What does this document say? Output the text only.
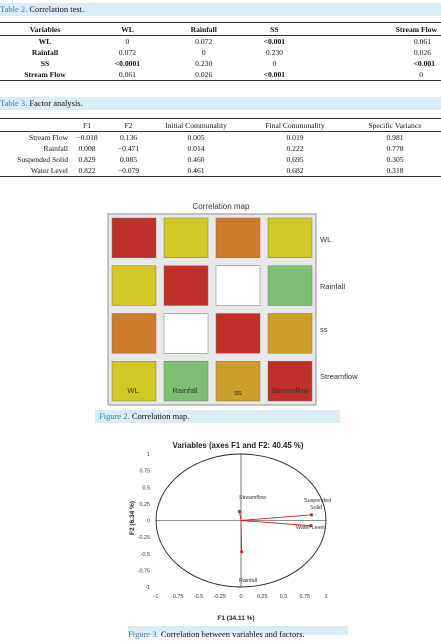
Table 2. Correlation test.
Variables	WL	Rainfall	SS	Stream Flow
WL	0	0.072	<0.001	0.061
Rainfall	0.072	0	0.230	0.026
SS	<0.0001	0.230	0	<0.001
Stream Flow	0.061	0.026	<0.001	0
Table 3. Factor analysis.
	F1	F2	Initial Communality	Final Communality	Specific Variance
Stream Flow	−0.018	0.136	0.005	0.019	0.981
Rainfall	0.008	−0.471	0.014	0.222	0.778
Suspended Solid	0.829	0.085	0.460	0.695	0.305
Water Level	0.822	−0.079	0.461	0.682	0.318
Correlation map
WL
Rainfall
ss
Streamflow
WL	Rainfall	ss	Streamflow
Figure 2. Correlation map.
Variables (axes F1 and F2: 40.45 %)
F2 (6.34 %)
F1 (34.11 %)
-1 -0.75 -0.5 -0.25	0	0.25 0.5 0.75	1
1
0.75
0.5
0.25
0
-0.25
-0.5
-0.75
-1
Streamflow	Suspended
Solid
Water Level
Rainfall
Figure 3. Correlation between variables and factors.
